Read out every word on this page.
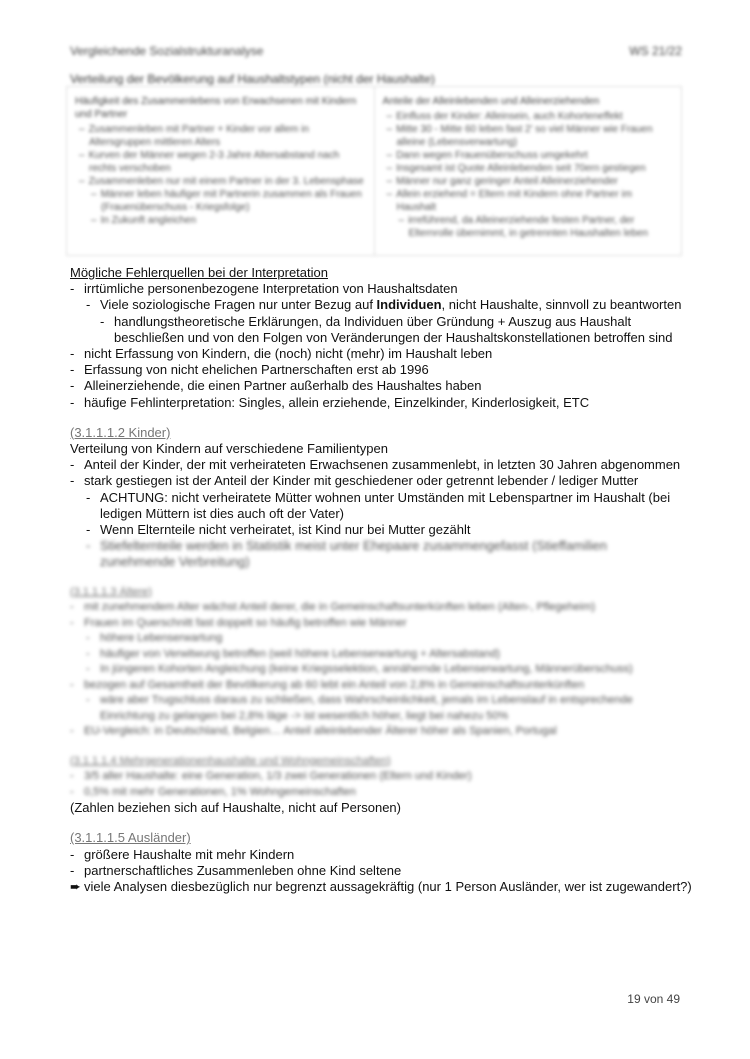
Vergleichende Sozialstrukturanalyse	WS 21/22
Verteilung der Bevölkerung auf Haushaltstypen (nicht der Haushalte)
Häufigkeit des Zusammenlebens von Erwachsenen mit Kindern und Partner
– Zusammenleben mit Partner + Kinder vor allem in Altersgruppen mittleren Alters
– Kurven der Männer wegen 2-3 Jahre Altersabstand nach rechts verschoben
– Zusammenleben nur mit einem Partner in der 3. Lebensphase
– Männer leben häufiger mit Partnerin zusammen als Frauen (Frauenüberschuss - Kriegsfolge)
– In Zukunft angleichen
Anteile der Alleinlebenden und Alleinerziehenden
– Einfluss der Kinder: Alleinsein, auch Kohorteneffekt
– Mitte 30 - Mitte 60 leben fast 2' so viel Männer wie Frauen alleine (Lebensverwartung)
– Dann wegen Frauenüberschuss umgekehrt
– Insgesamt ist Quote Alleinlebenden seit 70ern gestiegen
– Männer nur ganz geringer Anteil Alleinerziehender
– Allein erziehend = Eltern mit Kindern ohne Partner im Haushalt
– irreführend, da Alleinerziehende festen Partner, der Elternrolle übernimmt, in getrennten Haushalten leben
Mögliche Fehlerquellen bei der Interpretation
- irrtümliche personenbezogene Interpretation von Haushaltsdaten
- Viele soziologische Fragen nur unter Bezug auf Individuen, nicht Haushalte, sinnvoll zu beantworten
- handlungstheoretische Erklärungen, da Individuen über Gründung + Auszug aus Haushalt
beschließen und von den Folgen von Veränderungen der Haushaltskonstellationen betroffen sind
- nicht Erfassung von Kindern, die (noch) nicht (mehr) im Haushalt leben
- Erfassung von nicht ehelichen Partnerschaften erst ab 1996
- Alleinerziehende, die einen Partner außerhalb des Haushaltes haben
- häufige Fehlinterpretation: Singles, allein erziehende, Einzelkinder, Kinderlosigkeit, ETC
(3.1.1.1.2 Kinder)
Verteilung von Kindern auf verschiedene Familientypen
- Anteil der Kinder, der mit verheirateten Erwachsenen zusammenlebt, in letzten 30 Jahren abgenommen
- stark gestiegen ist der Anteil der Kinder mit geschiedener oder getrennt lebender / lediger Mutter
- ACHTUNG: nicht verheiratete Mütter wohnen unter Umständen mit Lebenspartner im Haushalt (bei
ledigen Müttern ist dies auch oft der Vater)
- Wenn Elternteile nicht verheiratet, ist Kind nur bei Mutter gezählt
- Stiefelternteile werden in Statistik meist unter Ehepaare zusammengefasst (Stieffamilien zunehmende Verbreitung)
(3.1.1.1.3 Ältere)
- mit zunehmendem Alter wächst Anteil derer, die in Gemeinschaftsunterkünften leben (Alten-, Pflegeheim)
- Frauen im Querschnitt fast doppelt so häufig betroffen wie Männer
- höhere Lebenserwartung
- häufiger von Verwitwung betroffen (weil höhere Lebenserwartung + Altersabstand)
- In jüngeren Kohorten Angleichung (keine Kriegsselektion, annähernde Lebenserwartung, Männerüberschuss)
- bezogen auf Gesamtheit der Bevölkerung ab 60 lebt ein Anteil von 2,8% in Gemeinschaftsunterkünften
- wäre aber Trugschluss daraus zu schließen, dass Wahrscheinlichkeit, jemals im Lebenslauf in entsprechende Einrichtung zu gelangen bei 2,8% läge -> ist wesentlich höher, liegt bei nahezu 50%
- EU-Vergleich: in Deutschland, Belgien… Anteil alleinlebender Älterer höher als Spanien, Portugal
(3.1.1.1.4 Mehrgenerationenhaushalte und Wohngemeinschaften)
- 3/5 aller Haushalte: eine Generation, 1/3 zwei Generationen (Eltern und Kinder)
- 0,5% mit mehr Generationen, 1% Wohngemeinschaften
(Zahlen beziehen sich auf Haushalte, nicht auf Personen)
(3.1.1.1.5 Ausländer)
- größere Haushalte mit mehr Kindern
- partnerschaftliches Zusammenleben ohne Kind seltene
➨ viele Analysen diesbezüglich nur begrenzt aussagekräftig (nur 1 Person Ausländer, wer ist zugewandert?)
19 von 49
